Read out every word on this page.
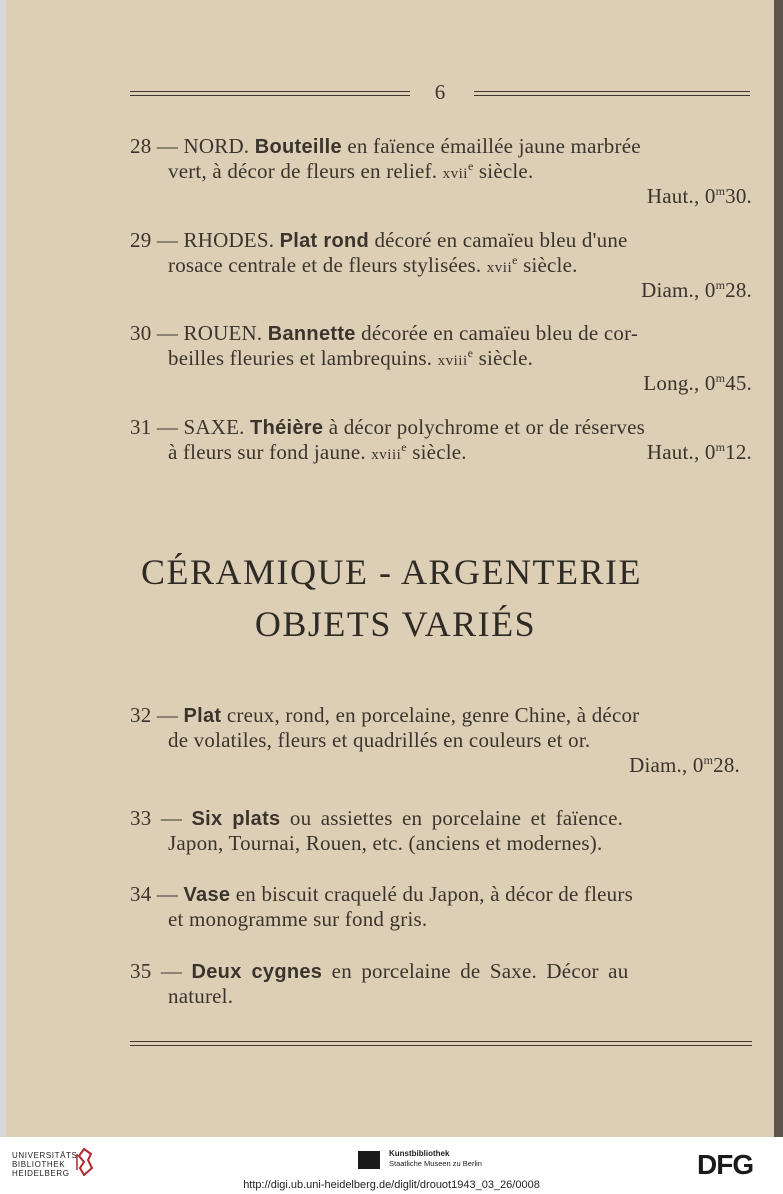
6
28 — NORD. Bouteille en faïence émaillée jaune marbrée
vert, à décor de fleurs en relief. xvii$^e$ siècle.
Haut., 0$^m$30.
29 — RHODES. Plat rond décoré en camaïeu bleu d'une
rosace centrale et de fleurs stylisées. xvii$^e$ siècle.
Diam., 0$^m$28.
30 — ROUEN. Bannette décorée en camaïeu bleu de cor-
beilles fleuries et lambrequins. xviii$^e$ siècle.
Long., 0$^m$45.
31 — SAXE. Théière à décor polychrome et or de réserves
à fleurs sur fond jaune. xviii$^e$ siècle.	Haut., 0$^m$12.
CÉRAMIQUE - ARGENTERIE
OBJETS VARIÉS
32 — Plat creux, rond, en porcelaine, genre Chine, à décor
de volatiles, fleurs et quadrillés en couleurs et or.
Diam., 0$^m$28.
33 — Six plats ou assiettes en porcelaine et faïence.
Japon, Tournai, Rouen, etc. (anciens et modernes).
34 — Vase en biscuit craquelé du Japon, à décor de fleurs
et monogramme sur fond gris.
35 — Deux cygnes en porcelaine de Saxe. Décor au
naturel.
UNIVERSITÄTS-
BIBLIOTHEK
HEIDELBERG
Kunstbibliothek
Staatliche Museen zu Berlin	DFG
http://digi.ub.uni-heidelberg.de/diglit/drouot1943_03_26/0008
